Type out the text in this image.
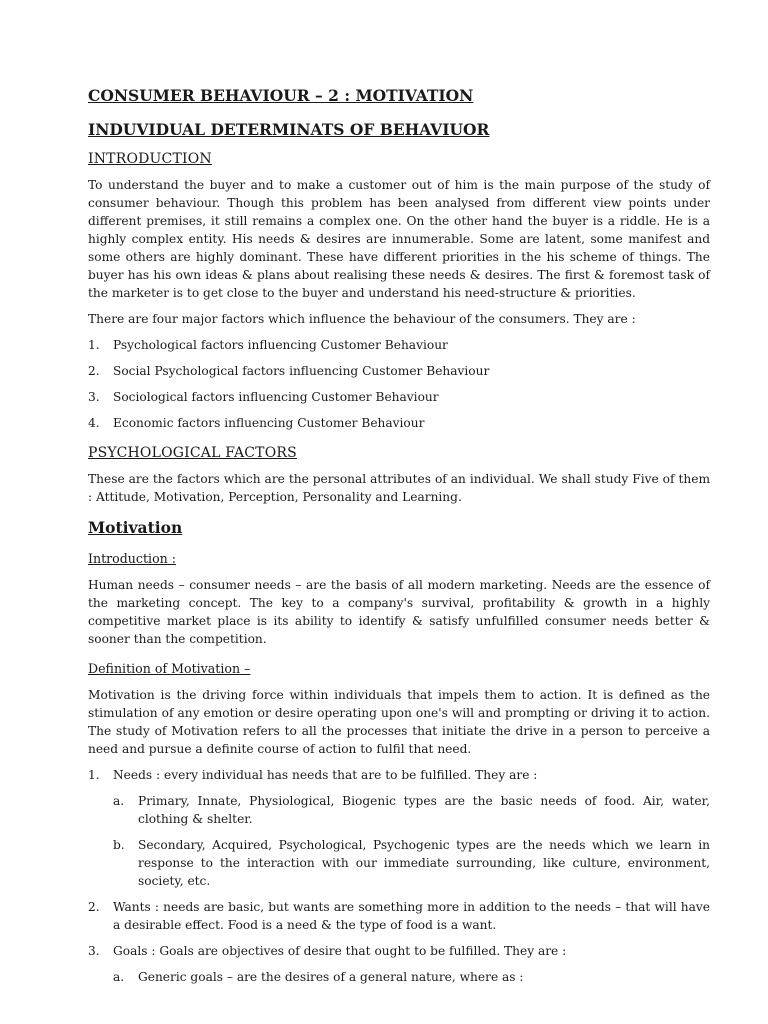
CONSUMER BEHAVIOUR – 2 : MOTIVATION
INDUVIDUAL DETERMINATS OF BEHAVIUOR
INTRODUCTION

To understand the buyer and to make a customer out of him is the main purpose of the study of consumer behaviour. Though this problem has been analysed from different view points under different premises, it still remains a complex one. On the other hand the buyer is a riddle. He is a highly complex entity. His needs & desires are innumerable. Some are latent, some manifest and some others are highly dominant. These have different priorities in the his scheme of things. The buyer has his own ideas & plans about realising these needs & desires. The first & foremost task of the marketer is to get close to the buyer and understand his need-structure & priorities.

There are four major factors which influence the behaviour of the consumers. They are :

1.	Psychological factors influencing Customer Behaviour
2.	Social Psychological factors influencing Customer Behaviour
3.	Sociological factors influencing Customer Behaviour
4.	Economic factors influencing Customer Behaviour
PSYCHOLOGICAL FACTORS

These are the factors which are the personal attributes of an individual. We shall study Five of them : Attitude, Motivation, Perception, Personality and Learning.

Motivation
Introduction :

Human needs – consumer needs – are the basis of all modern marketing. Needs are the essence of the marketing concept. The key to a company's survival, profitability & growth in a highly competitive market place is its ability to identify & satisfy unfulfilled consumer needs better & sooner than the competition.

Definition of Motivation –

Motivation is the driving force within individuals that impels them to action. It is defined as the stimulation of any emotion or desire operating upon one's will and prompting or driving it to action. The study of Motivation refers to all the processes that initiate the drive in a person to perceive a need and pursue a definite course of action to fulfil that need.

1.	Needs : every individual has needs that are to be fulfilled. They are :
a.	Primary, Innate, Physiological, Biogenic types are the basic needs of food. Air, water, clothing & shelter.
b.	Secondary, Acquired, Psychological, Psychogenic types are the needs which we learn in response to the interaction with our immediate surrounding, like culture, environment, society, etc.
2.	Wants : needs are basic, but wants are something more in addition to the needs – that will have a desirable effect. Food is a need & the type of food is a want.
3.	Goals : Goals are objectives of desire that ought to be fulfilled. They are :
a.	Generic goals – are the desires of a general nature, where as :
